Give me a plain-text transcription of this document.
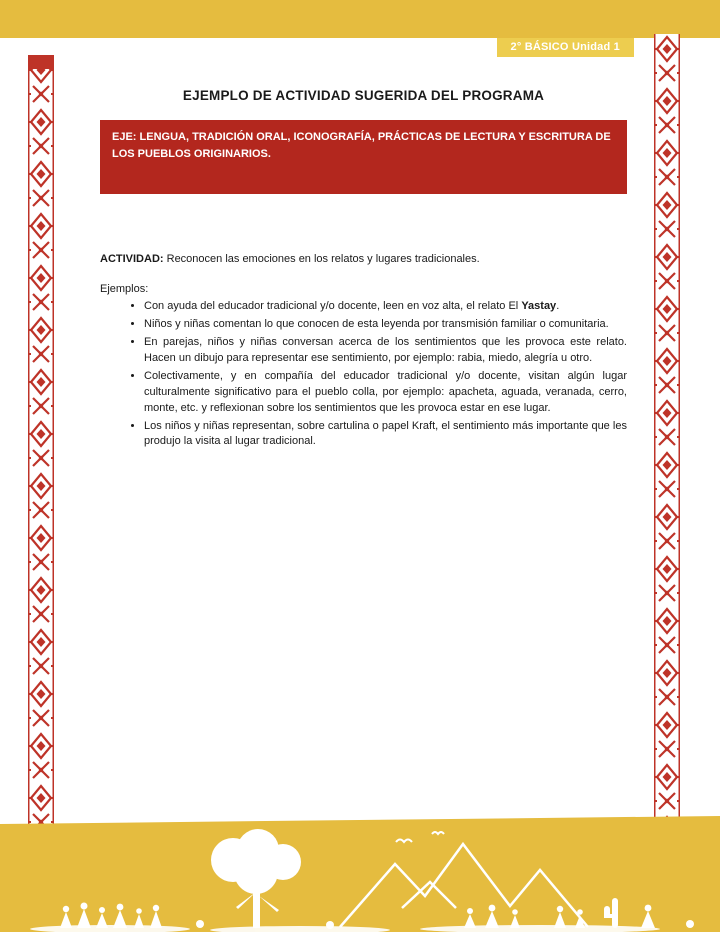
2° BÁSICO Unidad 1
EJEMPLO DE ACTIVIDAD SUGERIDA DEL PROGRAMA

EJE: LENGUA, TRADICIÓN ORAL, ICONOGRAFÍA, PRÁCTICAS DE LECTURA Y ESCRITURA DE LOS PUEBLOS ORIGINARIOS.

ACTIVIDAD: Reconocen las emociones en los relatos y lugares tradicionales.

Ejemplos:

• Con ayuda del educador tradicional y/o docente, leen en voz alta, el relato El Yastay.
• Niños y niñas comentan lo que conocen de esta leyenda por transmisión familiar o comunitaria.
• En parejas, niños y niñas conversan acerca de los sentimientos que les provoca este relato. Hacen un dibujo para representar ese sentimiento, por ejemplo: rabia, miedo, alegría u otro.
• Colectivamente, y en compañía del educador tradicional y/o docente, visitan algún lugar culturalmente significativo para el pueblo colla, por ejemplo: apacheta, aguada, veranada, cerro, monte, etc. y reflexionan sobre los sentimientos que les provoca estar en ese lugar.
• Los niños y niñas representan, sobre cartulina o papel Kraft, el sentimiento más importante que les produjo la visita al lugar tradicional.
